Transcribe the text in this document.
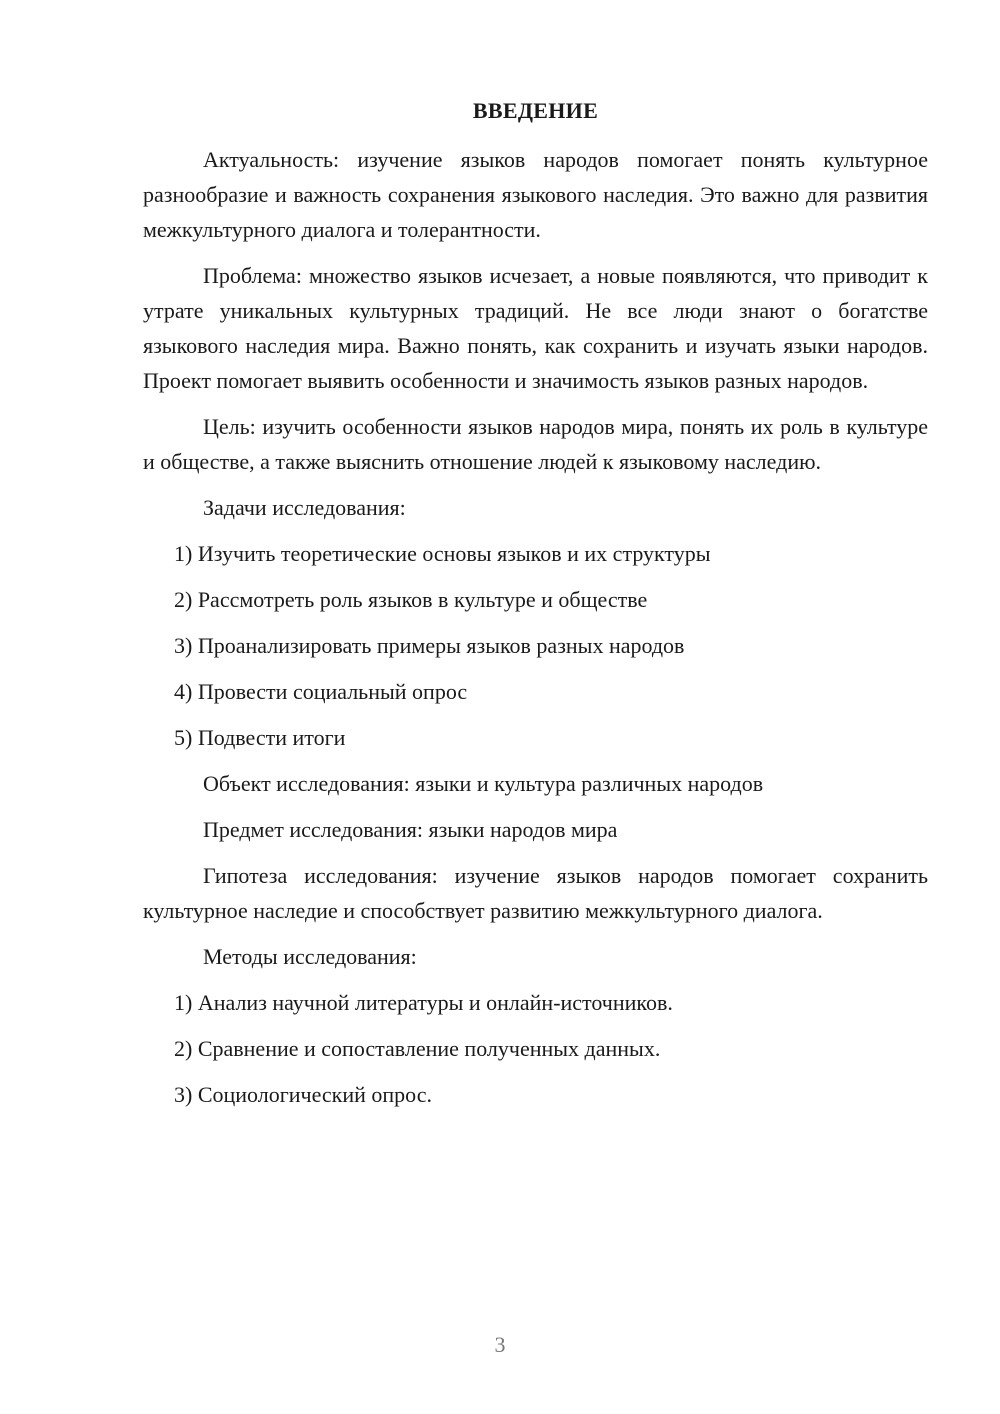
ВВЕДЕНИЕ

Актуальность: изучение языков народов помогает понять культурное разнообразие и важность сохранения языкового наследия. Это важно для развития межкультурного диалога и толерантности.

Проблема: множество языков исчезает, а новые появляются, что приводит к утрате уникальных культурных традиций. Не все люди знают о богатстве языкового наследия мира. Важно понять, как сохранить и изучать языки народов. Проект помогает выявить особенности и значимость языков разных народов.

Цель: изучить особенности языков народов мира, понять их роль в культуре и обществе, а также выяснить отношение людей к языковому наследию.

Задачи исследования:
1) Изучить теоретические основы языков и их структуры
2) Рассмотреть роль языков в культуре и обществе
3) Проанализировать примеры языков разных народов
4) Провести социальный опрос
5) Подвести итоги
Объект исследования: языки и культура различных народов
Предмет исследования: языки народов мира

Гипотеза исследования: изучение языков народов помогает сохранить культурное наследие и способствует развитию межкультурного диалога.

Методы исследования:
1) Анализ научной литературы и онлайн-источников.
2) Сравнение и сопоставление полученных данных.
3) Социологический опрос.
3
